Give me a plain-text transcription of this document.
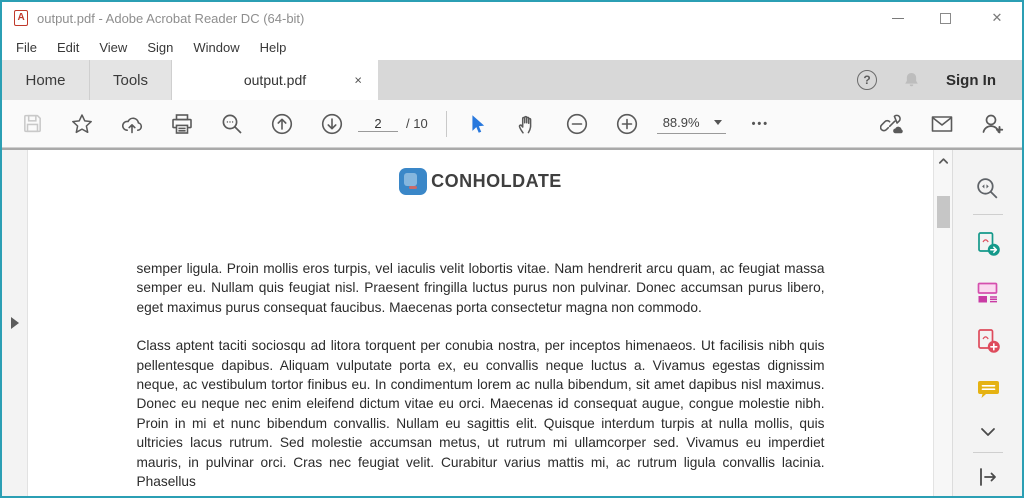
A
output.pdf - Adobe Acrobat Reader DC (64-bit)	✕
File	Edit	View	Sign	Window	Help
Home	Tools	output.pdf	×	?	Sign In
2
/ 10	88.9%	•••
CONHOLDATE

semper ligula. Proin mollis eros turpis, vel iaculis velit lobortis vitae. Nam hendrerit arcu quam, ac feugiat massa semper eu. Nullam quis feugiat nisl. Praesent fringilla luctus purus non pulvinar. Donec accumsan purus libero, eget maximus purus consequat faucibus. Maecenas porta consectetur magna non commodo.

Class aptent taciti sociosqu ad litora torquent per conubia nostra, per inceptos himenaeos. Ut facilisis nibh quis pellentesque dapibus. Aliquam vulputate porta ex, eu convallis neque luctus a. Vivamus egestas dignissim neque, ac vestibulum tortor finibus eu. In condimentum lorem ac nulla bibendum, sit amet dapibus nisl maximus. Donec eu neque nec enim eleifend dictum vitae eu orci. Maecenas id consequat augue, congue molestie nibh. Proin in mi et nunc bibendum convallis. Nullam eu sagittis elit. Quisque interdum turpis at nulla mollis, quis ultricies lacus rutrum. Sed molestie accumsan metus, ut rutrum mi ullamcorper sed. Vivamus eu imperdiet mauris, in pulvinar orci. Cras nec feugiat velit. Curabitur varius mattis mi, ac rutrum ligula convallis lacinia. Phasellus
